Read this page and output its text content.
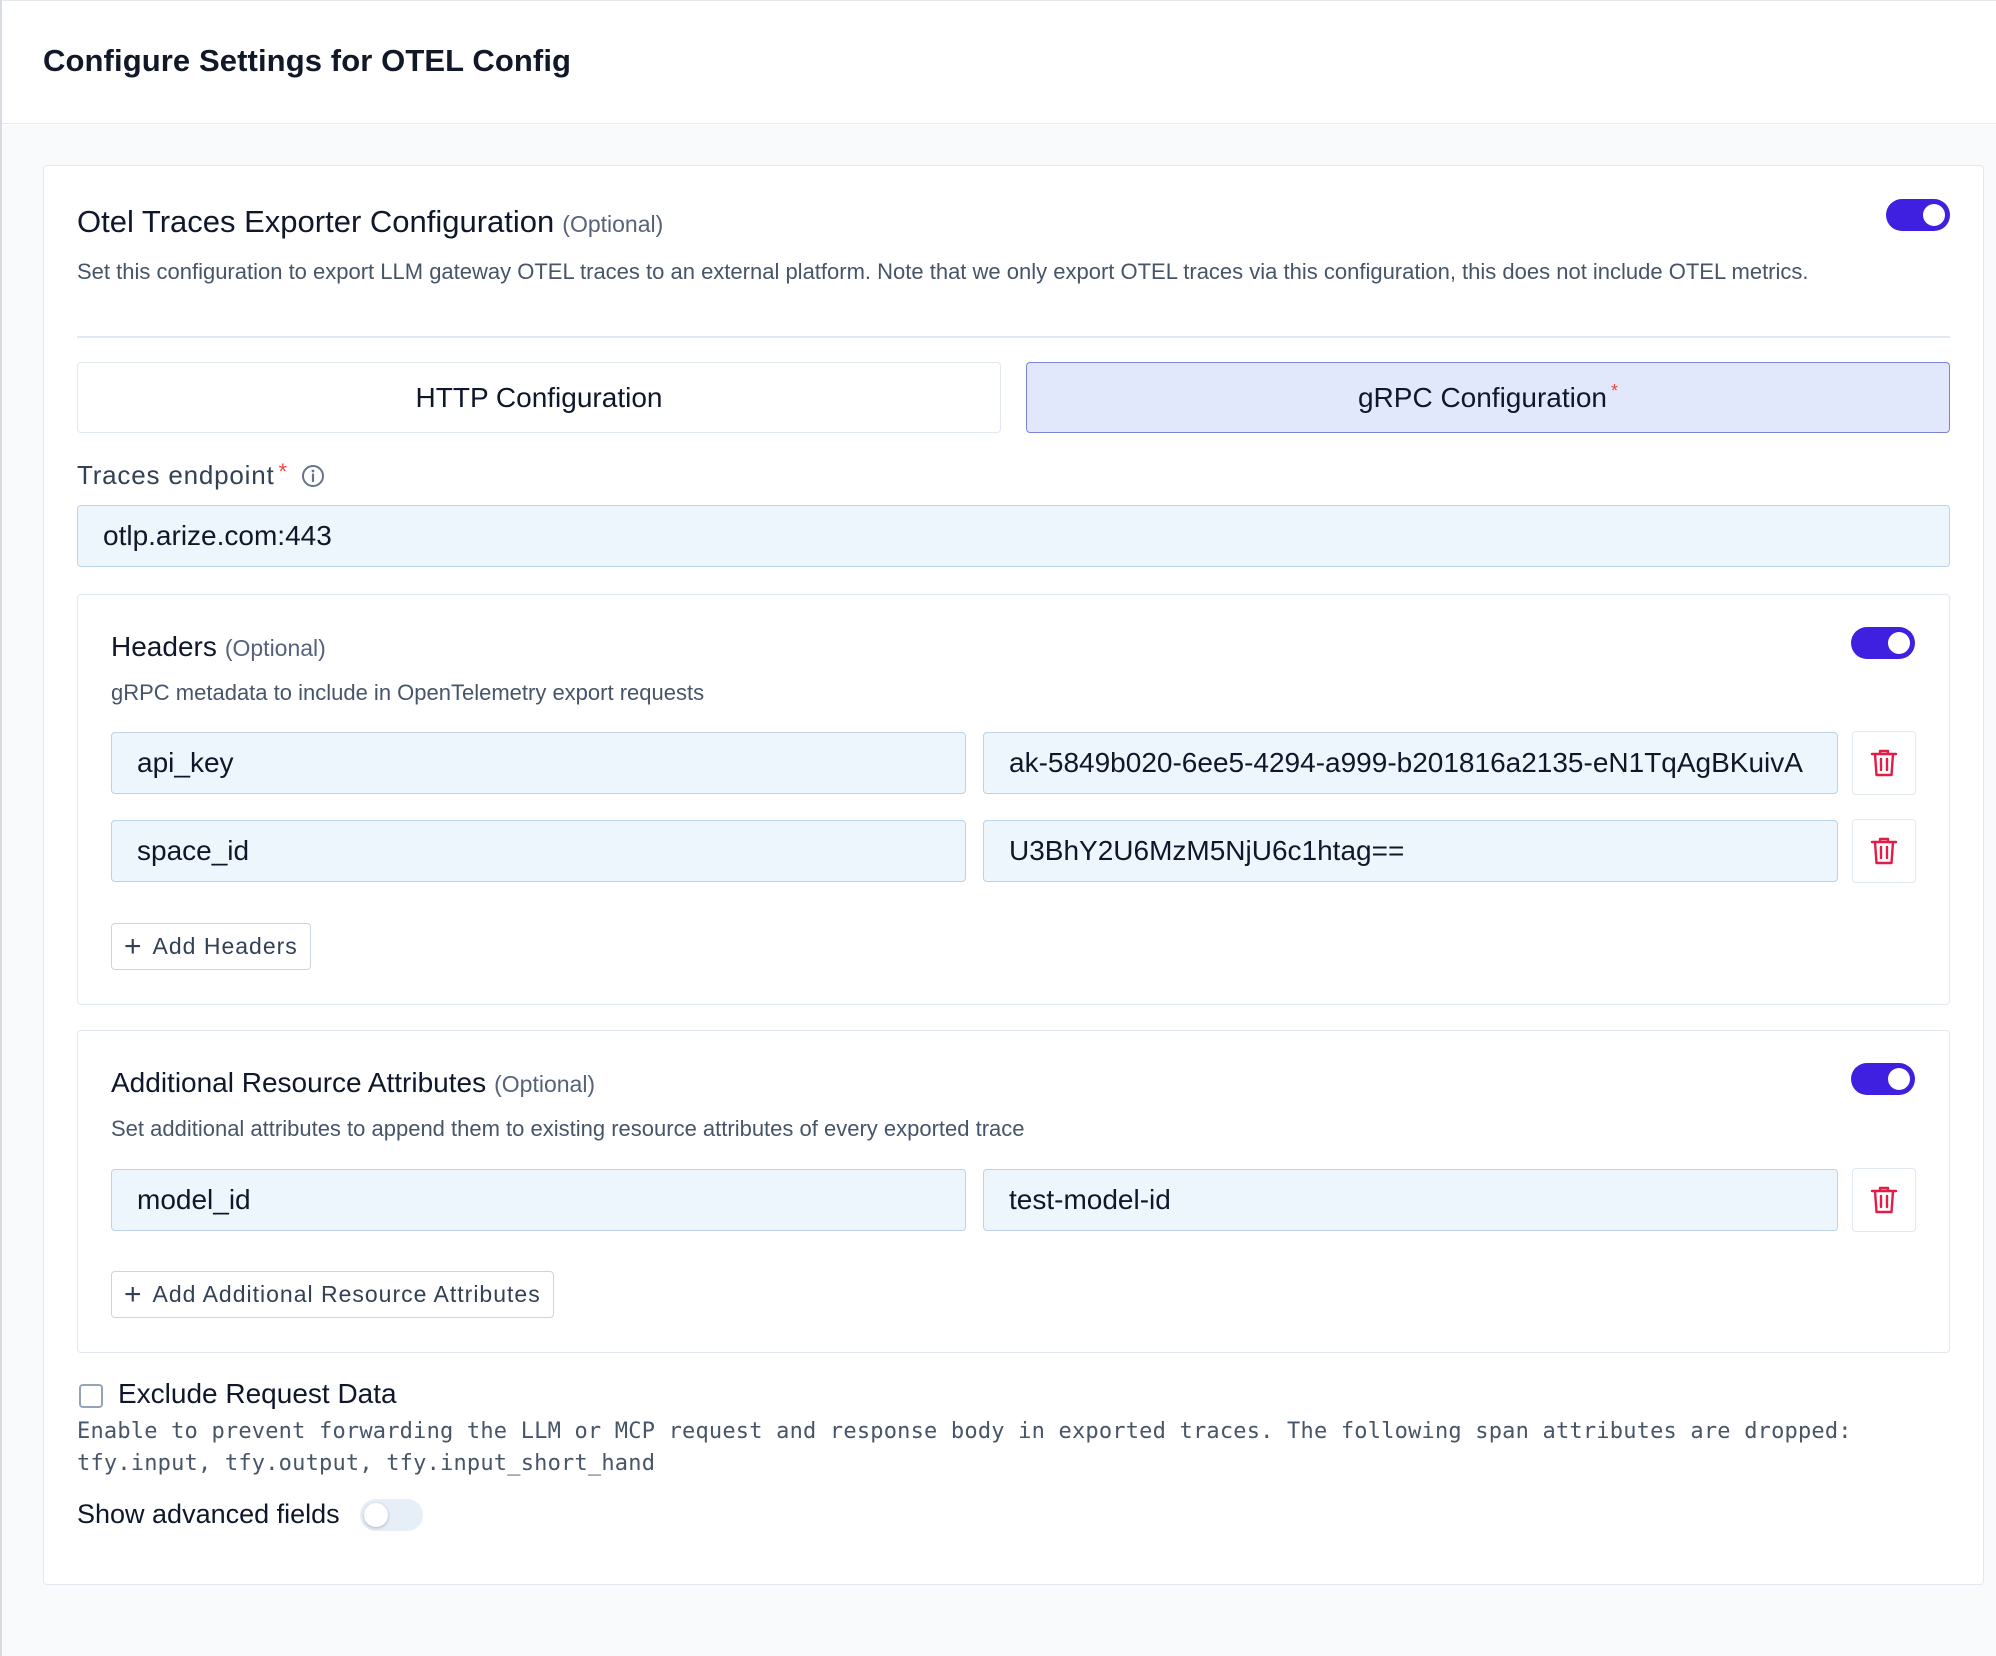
Configure Settings for OTEL Config
Otel Traces Exporter Configuration (Optional)
Set this configuration to export LLM gateway OTEL traces to an external platform. Note that we only export OTEL traces via this configuration, this does not include OTEL metrics.
HTTP Configuration	gRPC Configuration *
Traces endpoint *
otlp.arize.com:443
Headers (Optional)
gRPC metadata to include in OpenTelemetry export requests
api_key
ak-5849b020-6ee5-4294-a999-b201816a2135-eN1TqAgBKuivA
space_id
U3BhY2U6MzM5NjU6c1htag==
+ Add Headers
Additional Resource Attributes (Optional)
Set additional attributes to append them to existing resource attributes of every exported trace
model_id
test-model-id
+ Add Additional Resource Attributes
Exclude Request Data
Enable to prevent forwarding the LLM or MCP request and response body in exported traces. The following span attributes are dropped: tfy.input, tfy.output, tfy.input_short_hand
Show advanced fields
